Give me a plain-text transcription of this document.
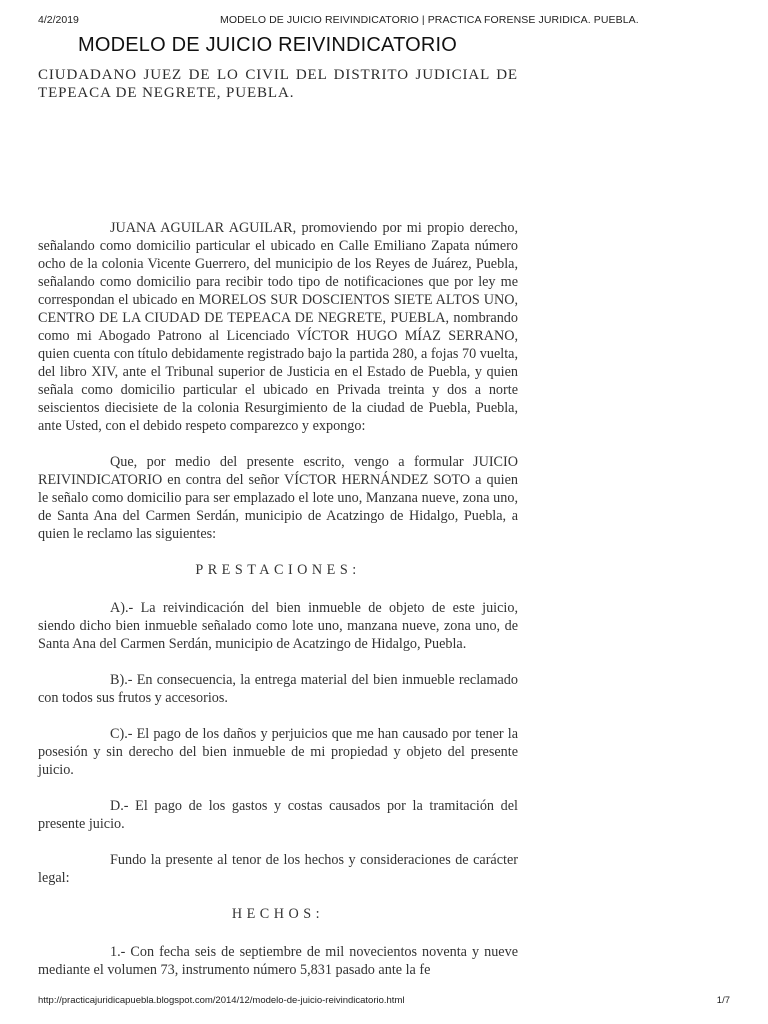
4/2/2019	MODELO DE JUICIO REIVINDICATORIO | PRACTICA FORENSE JURIDICA. PUEBLA.
MODELO DE JUICIO REIVINDICATORIO
CIUDADANO JUEZ DE LO CIVIL DEL DISTRITO JUDICIAL DE TEPEACA DE NEGRETE, PUEBLA.

JUANA AGUILAR AGUILAR, promoviendo por mi propio derecho, señalando como domicilio particular el ubicado en Calle Emiliano Zapata número ocho de la colonia Vicente Guerrero, del municipio de los Reyes de Juárez, Puebla, señalando como domicilio para recibir todo tipo de notificaciones que por ley me correspondan el ubicado en MORELOS SUR DOSCIENTOS SIETE ALTOS UNO, CENTRO DE LA CIUDAD DE TEPEACA DE NEGRETE, PUEBLA, nombrando como mi Abogado Patrono al Licenciado VÍCTOR HUGO MÍAZ SERRANO, quien cuenta con título debidamente registrado bajo la partida 280, a fojas 70 vuelta, del libro XIV, ante el Tribunal superior de Justicia en el Estado de Puebla, y quien señala como domicilio particular el ubicado en Privada treinta y dos a norte seiscientos diecisiete de la colonia Resurgimiento de la ciudad de Puebla, Puebla, ante Usted, con el debido respeto comparezco y expongo:

Que, por medio del presente escrito, vengo a formular JUICIO REIVINDICATORIO en contra del señor VÍCTOR HERNÁNDEZ SOTO a quien le señalo como domicilio para ser emplazado el lote uno, Manzana nueve, zona uno, de Santa Ana del Carmen Serdán, municipio de Acatzingo de Hidalgo, Puebla, a quien le reclamo las siguientes:

PRESTACIONES:

A).- La reivindicación del bien inmueble de objeto de este juicio, siendo dicho bien inmueble señalado como lote uno, manzana nueve, zona uno, de Santa Ana del Carmen Serdán, municipio de Acatzingo de Hidalgo, Puebla.

B).- En consecuencia, la entrega material del bien inmueble reclamado con todos sus frutos y accesorios.

C).- El pago de los daños y perjuicios que me han causado por tener la posesión y sin derecho del bien inmueble de mi propiedad y objeto del presente juicio.

D.- El pago de los gastos y costas causados por la tramitación del presente juicio.

Fundo la presente al tenor de los hechos y consideraciones de carácter legal:

HECHOS:

1.- Con fecha seis de septiembre de mil novecientos noventa y nueve mediante el volumen 73, instrumento número 5,831 pasado ante la fe

http://practicajuridicapuebla.blogspot.com/2014/12/modelo-de-juicio-reivindicatorio.html	1/7
